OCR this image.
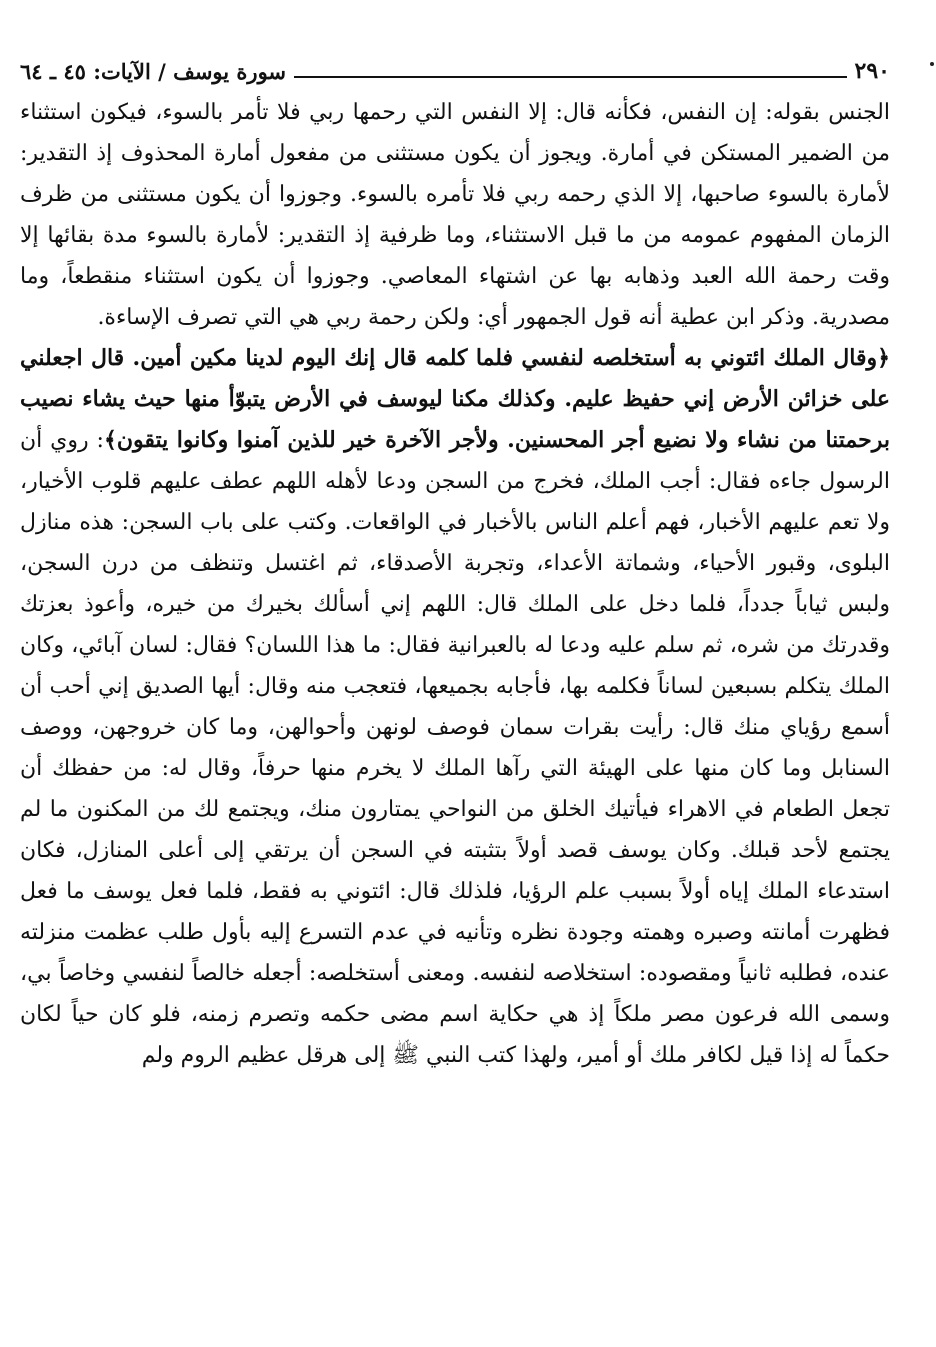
٢٩٠
سورة يوسف / الآيات: ٤٥ ـ ٦٤

الجنس بقوله: إن النفس، فكأنه قال: إلا النفس التي رحمها ربي فلا تأمر بالسوء، فيكون استثناء من الضمير المستكن في أمارة. ويجوز أن يكون مستثنى من مفعول أمارة المحذوف إذ التقدير: لأمارة بالسوء صاحبها، إلا الذي رحمه ربي فلا تأمره بالسوء. وجوزوا أن يكون مستثنى من ظرف الزمان المفهوم عمومه من ما قبل الاستثناء، وما ظرفية إذ التقدير: لأمارة بالسوء مدة بقائها إلا وقت رحمة الله العبد وذهابه بها عن اشتهاء المعاصي. وجوزوا أن يكون استثناء منقطعاً، وما مصدرية. وذكر ابن عطية أنه قول الجمهور أي: ولكن رحمة ربي هي التي تصرف الإساءة.

﴿وقال الملك ائتوني به أستخلصه لنفسي فلما كلمه قال إنك اليوم لدينا مكين أمين. قال اجعلني على خزائن الأرض إني حفيظ عليم. وكذلك مكنا ليوسف في الأرض يتبوّأ منها حيث يشاء نصيب برحمتنا من نشاء ولا نضيع أجر المحسنين. ولأجر الآخرة خير للذين آمنوا وكانوا يتقون﴾: روي أن الرسول جاءه فقال: أجب الملك، فخرج من السجن ودعا لأهله اللهم عطف عليهم قلوب الأخيار، ولا تعم عليهم الأخبار، فهم أعلم الناس بالأخبار في الواقعات. وكتب على باب السجن: هذه منازل البلوى، وقبور الأحياء، وشماتة الأعداء، وتجربة الأصدقاء، ثم اغتسل وتنظف من درن السجن، ولبس ثياباً جدداً، فلما دخل على الملك قال: اللهم إني أسألك بخيرك من خيره، وأعوذ بعزتك وقدرتك من شره، ثم سلم عليه ودعا له بالعبرانية فقال: ما هذا اللسان؟ فقال: لسان آبائي، وكان الملك يتكلم بسبعين لساناً فكلمه بها، فأجابه بجميعها، فتعجب منه وقال: أيها الصديق إني أحب أن أسمع رؤياي منك قال: رأيت بقرات سمان فوصف لونهن وأحوالهن، وما كان خروجهن، ووصف السنابل وما كان منها على الهيئة التي رآها الملك لا يخرم منها حرفاً، وقال له: من حفظك أن تجعل الطعام في الاهراء فيأتيك الخلق من النواحي يمتارون منك، ويجتمع لك من المكنون ما لم يجتمع لأحد قبلك. وكان يوسف قصد أولاً بتثبته في السجن أن يرتقي إلى أعلى المنازل، فكان استدعاء الملك إياه أولاً بسبب علم الرؤيا، فلذلك قال: ائتوني به فقط، فلما فعل يوسف ما فعل فظهرت أمانته وصبره وهمته وجودة نظره وتأنيه في عدم التسرع إليه بأول طلب عظمت منزلته عنده، فطلبه ثانياً ومقصوده: استخلاصه لنفسه. ومعنى أستخلصه: أجعله خالصاً لنفسي وخاصاً بي، وسمى الله فرعون مصر ملكاً إذ هي حكاية اسم مضى حكمه وتصرم زمنه، فلو كان حياً لكان حكماً له إذا قيل لكافر ملك أو أمير، ولهذا كتب النبي ﷺ إلى هرقل عظيم الروم ولم
